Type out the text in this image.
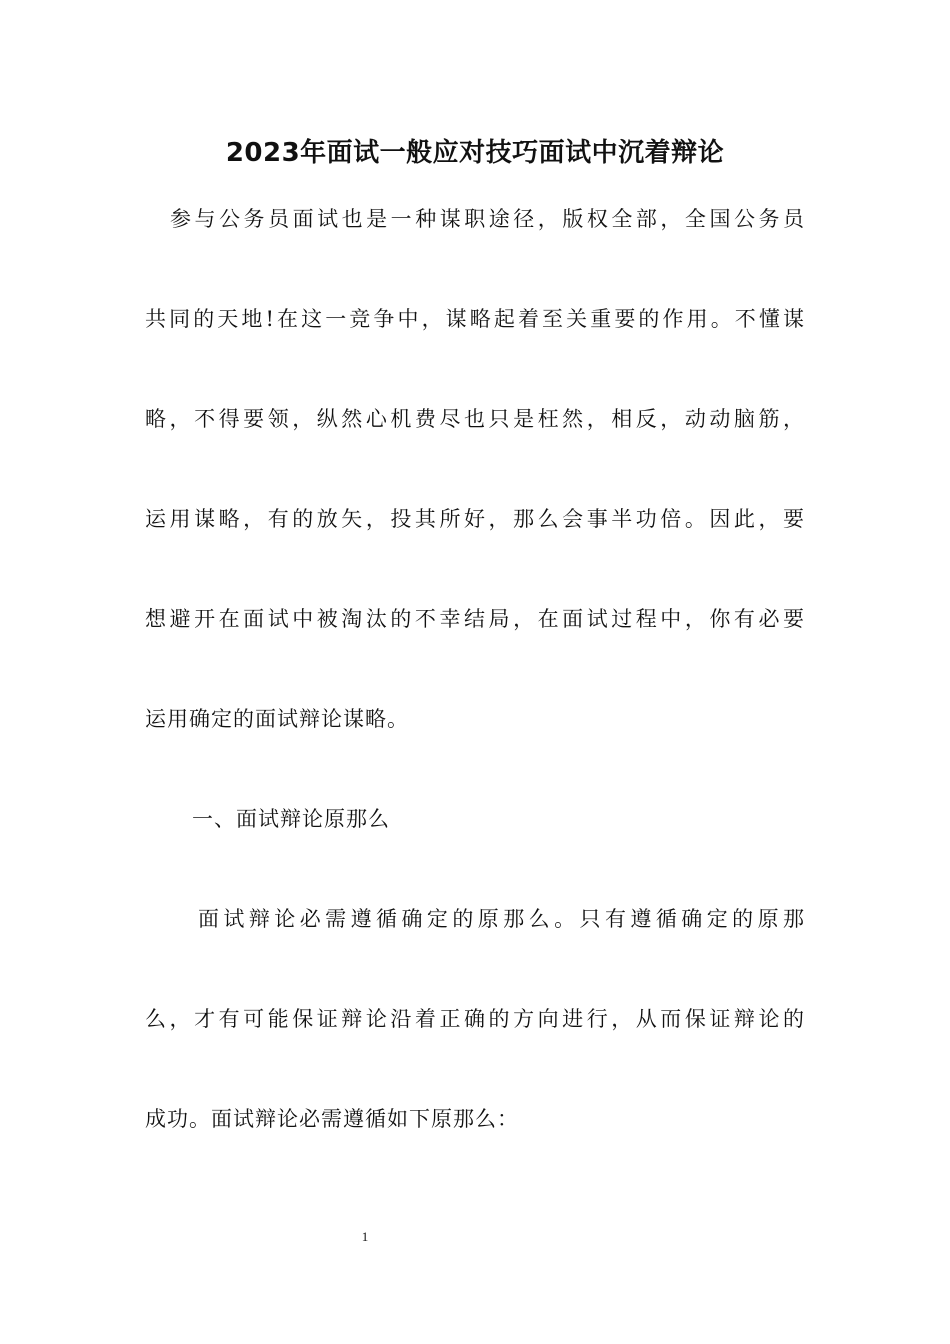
2023年面试一般应对技巧面试中沉着辩论
参与公务员面试也是一种谋职途径，版权全部，全国公务员
共同的天地!在这一竞争中，谋略起着至关重要的作用。不懂谋
略，不得要领，纵然心机费尽也只是枉然，相反，动动脑筋，
运用谋略，有的放矢，投其所好，那么会事半功倍。因此，要
想避开在面试中被淘汰的不幸结局，在面试过程中，你有必要
运用确定的面试辩论谋略。
一、面试辩论原那么
面试辩论必需遵循确定的原那么。只有遵循确定的原那
么，才有可能保证辩论沿着正确的方向进行，从而保证辩论的
成功。面试辩论必需遵循如下原那么：
1
